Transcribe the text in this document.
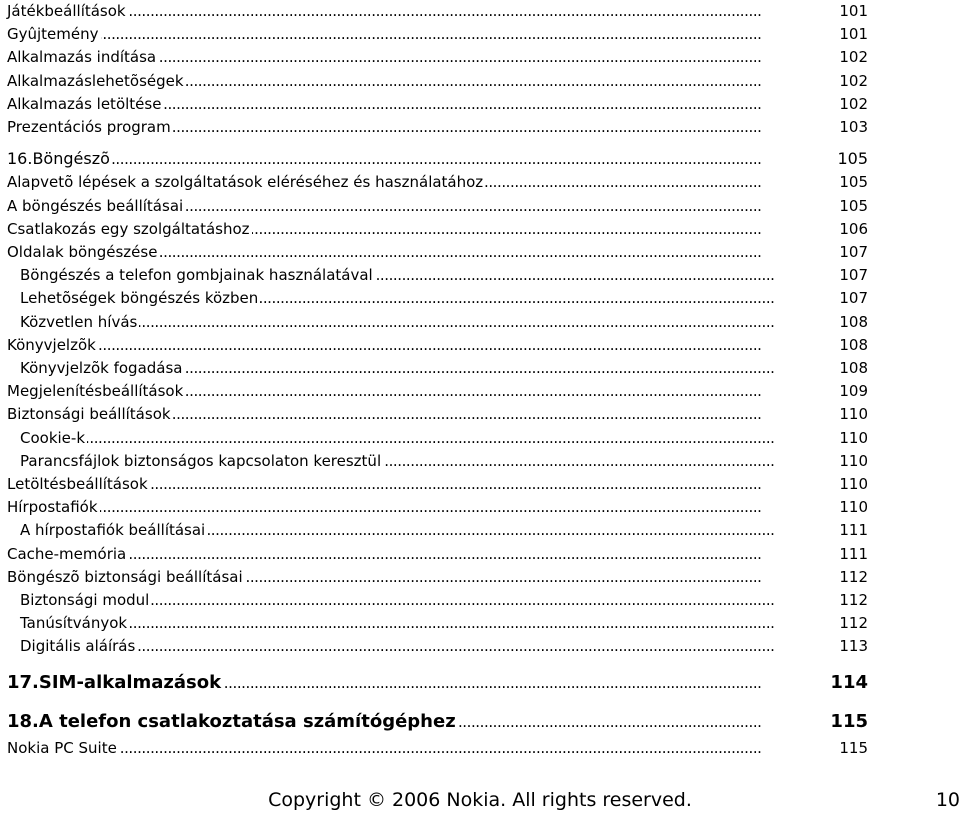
. . .
Játékbeállítások	101
. . .
Gyûjtemény	101
. . .
Alkalmazás indítása	102
. . .
Alkalmazáslehetõségek	102
. . .
Alkalmazás letöltése	102
. . .
Prezentációs program	103
. . .
16.Böngészõ	105
. . .
Alapvetõ lépések a szolgáltatások eléréséhez és használatához	105
. . .
A böngészés beállításai	105
. . .
Csatlakozás egy szolgáltatáshoz	106
. . .
Oldalak böngészése	107
. . .
Böngészés a telefon gombjainak használatával	107
. . .
Lehetõségek böngészés közben	107
. . .
Közvetlen hívás	108
. . .
Könyvjelzõk	108
. . .
Könyvjelzõk fogadása	108
. . .
Megjelenítésbeállítások	109
. . .
Biztonsági beállítások	110
. . .
Cookie-k	110
. . .
Parancsfájlok biztonságos kapcsolaton keresztül	110
. . .
Letöltésbeállítások	110
. . .
Hírpostafiók	110
. . .
A hírpostafiók beállításai	111
. . .
Cache-memória	111
. . .
Böngészõ biztonsági beállításai	112
. . .
Biztonsági modul	112
. . .
Tanúsítványok	112
. . .
Digitális aláírás	113
. . .
17.SIM-alkalmazások	114
. . .
18.A telefon csatlakoztatása számítógéphez	115
. . .
Nokia PC Suite	115
Copyright © 2006 Nokia. All rights reserved.	10
